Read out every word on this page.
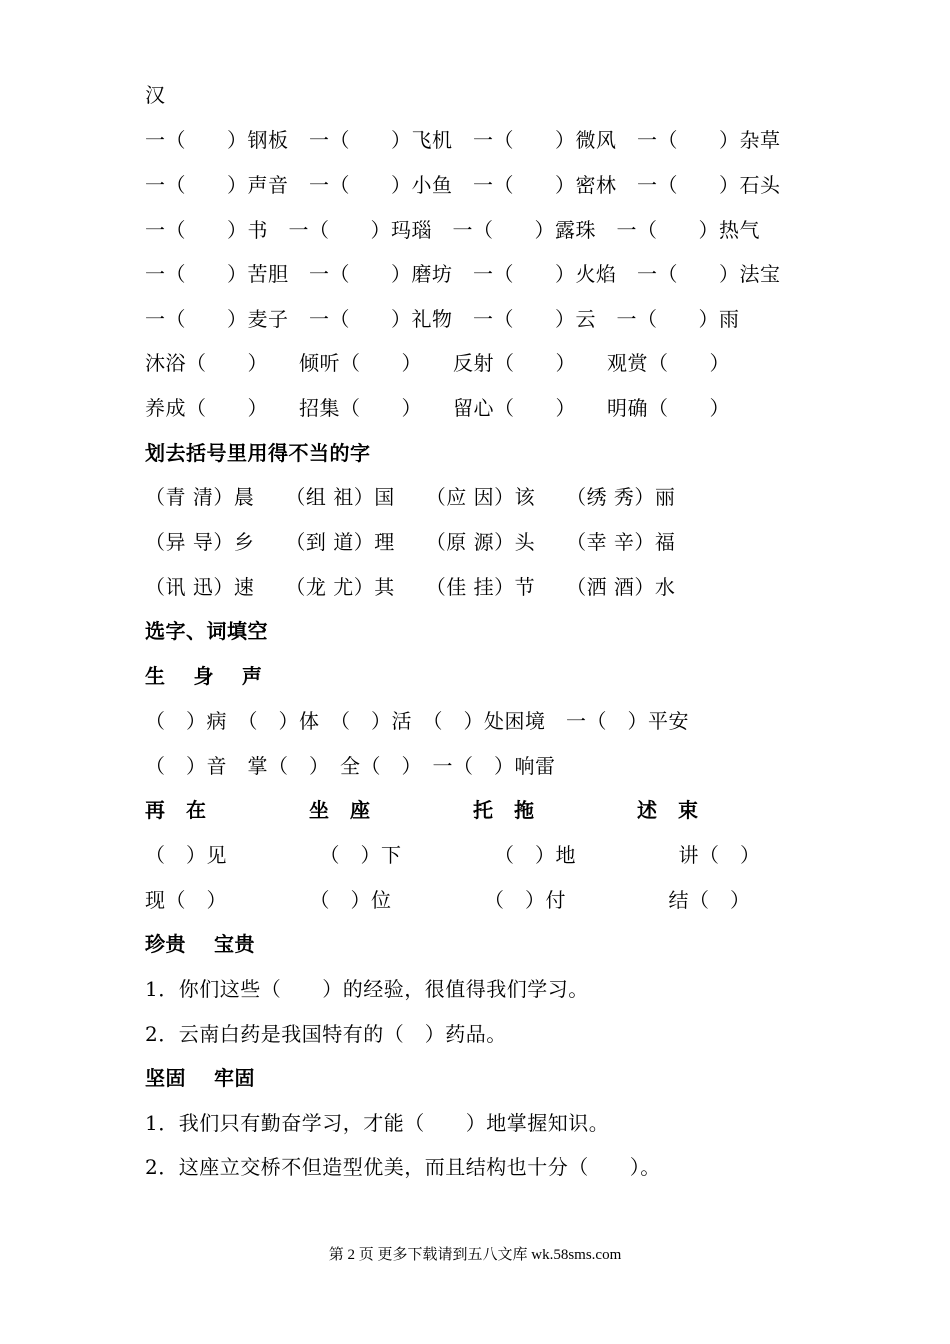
汉
一（　　）钢板　一（　　）飞机　一（　　）微风　一（　　）杂草
一（　　）声音　一（　　）小鱼　一（　　）密林　一（　　）石头
一（　　）书　一（　　）玛瑙　一（　　）露珠　一（　　）热气
一（　　）苦胆　一（　　）磨坊　一（　　）火焰　一（　　）法宝
一（　　）麦子　一（　　）礼物　一（　　）云　一（　　）雨
沐浴（　　）　　倾听（　　）　　反射（　　）　　观赏（　　）
养成（　　）　　招集（　　）　　留心（　　）　　明确（　　）
划去括号里用得不当的字
（青 清）晨　　（组 祖）国　　（应 因）该　　（绣 秀）丽
（异 导）乡　　（到 道）理　　（原 源）头　　（幸 辛）福
（讯 迅）速　　（龙 尤）其　　（佳 挂）节　　（洒 酒）水
选字、词填空
生　 身　 声
（　）病　（　）体　（　）活　（　）处困境　一（　）平安
（　）音　掌（　）　全（　）　一（　）响雷
再　在　　　　　坐　座　　　　　托　拖　　　　　述　束
（　）见　　　　　（　）下　　　　　（　）地　　　　　讲（　）
现（　）　　　　　（　）位　　　　　（　）付　　　　　结（　）
珍贵　 宝贵
1．你们这些（　　）的经验，很值得我们学习。
2．云南白药是我国特有的（　）药品。
坚固　 牢固
1．我们只有勤奋学习，才能（　　）地掌握知识。
2．这座立交桥不但造型优美，而且结构也十分（　　）。
第 2 页 更多下载请到五八文库 wk.58sms.com
